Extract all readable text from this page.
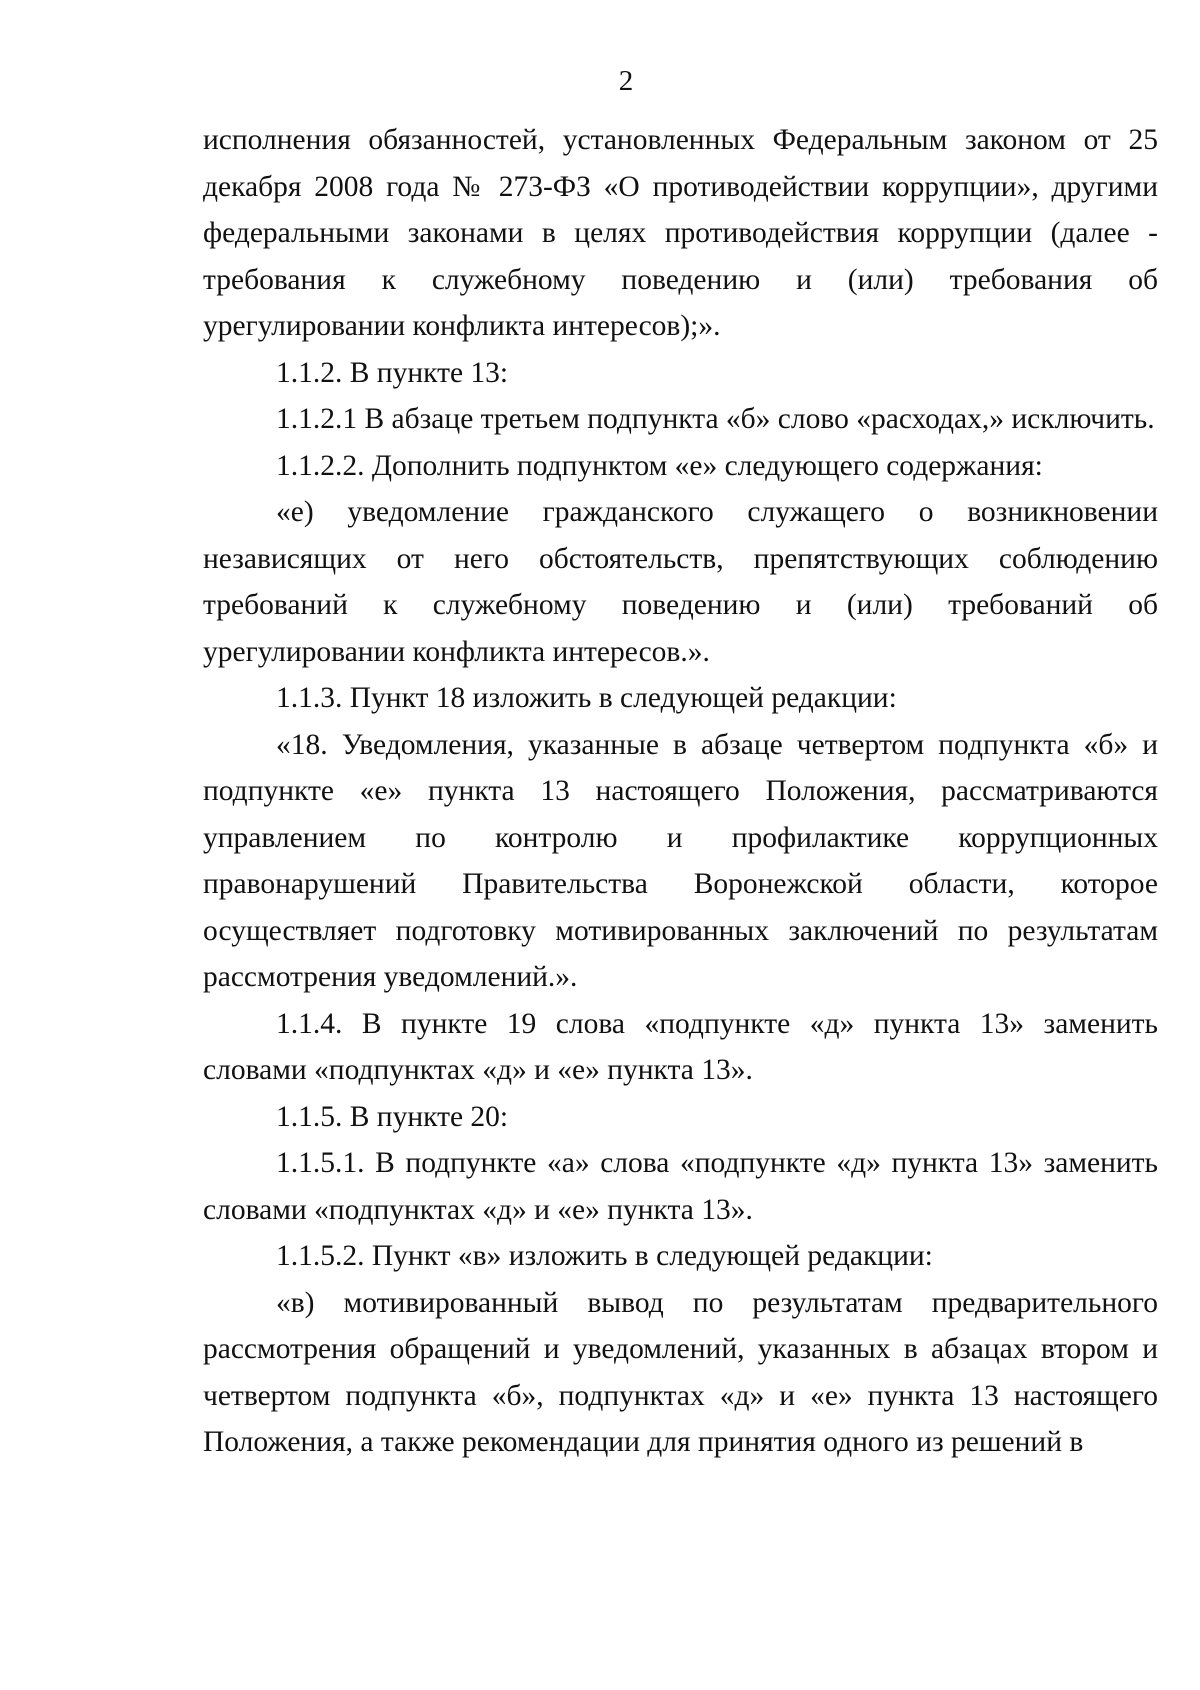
2

исполнения обязанностей, установленных Федеральным законом от 25 декабря 2008 года № 273-ФЗ «О противодействии коррупции», другими федеральными законами в целях противодействия коррупции (далее - требования к служебному поведению и (или) требования об урегулировании конфликта интересов);».

1.1.2. В пункте 13:

1.1.2.1 В абзаце третьем подпункта «б» слово «расходах,» исключить.

1.1.2.2. Дополнить подпунктом «е» следующего содержания:

«е) уведомление гражданского служащего о возникновении независящих от него обстоятельств, препятствующих соблюдению требований к служебному поведению и (или) требований об урегулировании конфликта интересов.».

1.1.3. Пункт 18 изложить в следующей редакции:

«18. Уведомления, указанные в абзаце четвертом подпункта «б» и подпункте «е» пункта 13 настоящего Положения, рассматриваются управлением по контролю и профилактике коррупционных правонарушений Правительства Воронежской области, которое осуществляет подготовку мотивированных заключений по результатам рассмотрения уведомлений.».

1.1.4. В пункте 19 слова «подпункте «д» пункта 13» заменить словами «подпунктах «д» и «е» пункта 13».

1.1.5. В пункте 20:

1.1.5.1. В подпункте «а» слова «подпункте «д» пункта 13» заменить словами «подпунктах «д» и «е» пункта 13».

1.1.5.2. Пункт «в» изложить в следующей редакции:

«в) мотивированный вывод по результатам предварительного рассмотрения обращений и уведомлений, указанных в абзацах втором и четвертом подпункта «б», подпунктах «д» и «е» пункта 13 настоящего Положения, а также рекомендации для принятия одного из решений в
